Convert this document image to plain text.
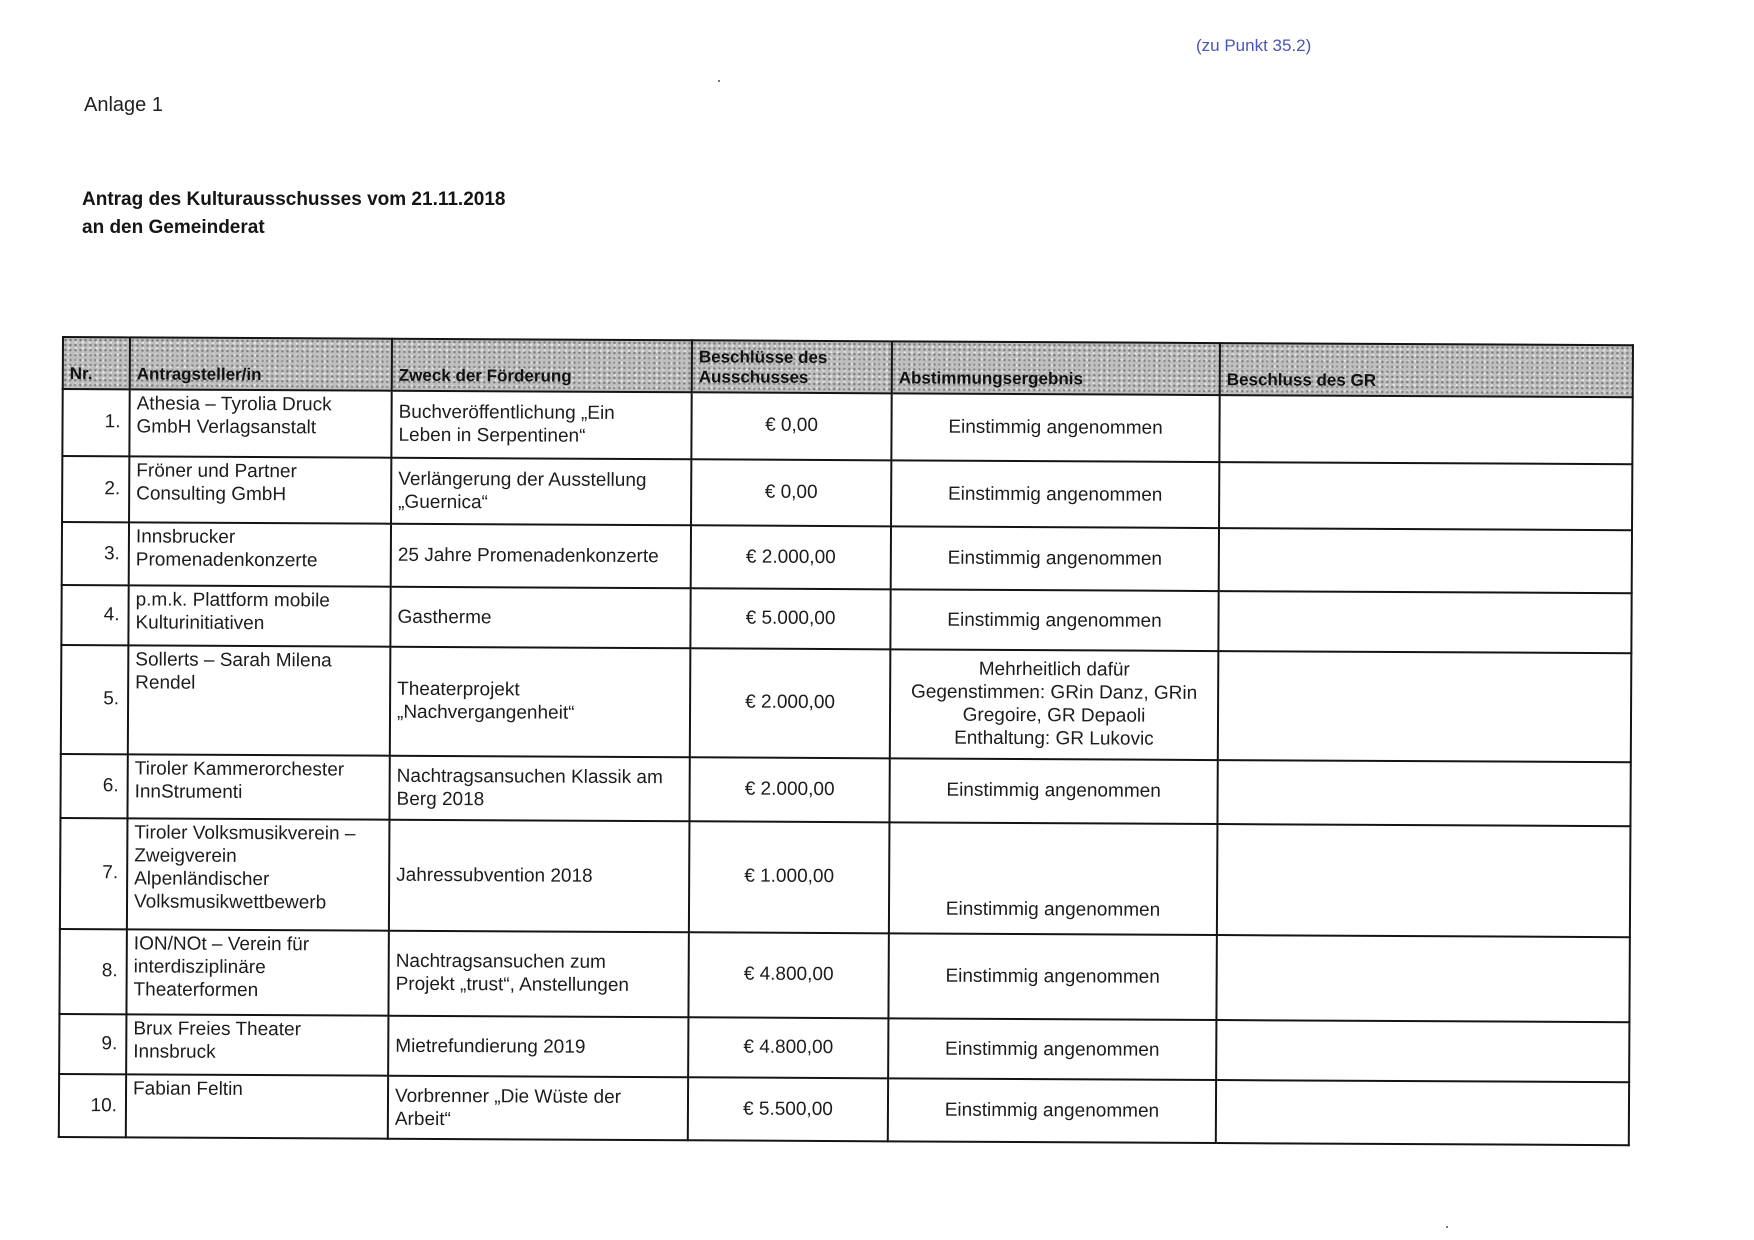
(zu Punkt 35.2)
Anlage 1
Antrag des Kulturausschusses vom 21.11.2018
an den Gemeinderat
Nr.	Antragsteller/in	Zweck der Förderung	Beschlüsse des Ausschusses	Abstimmungsergebnis	Beschluss des GR
1.	Athesia – Tyrolia Druck
GmbH Verlagsanstalt	Buchveröffentlichung „Ein
Leben in Serpentinen“	€ 0,00	Einstimmig angenommen	

2.	Fröner und Partner
Consulting GmbH	Verlängerung der Ausstellung
„Guernica“	€ 0,00	Einstimmig angenommen	

3.	Innsbrucker
Promenadenkonzerte	25 Jahre Promenadenkonzerte	€ 2.000,00	Einstimmig angenommen	

4.	p.m.k. Plattform mobile
Kulturinitiativen	Gastherme	€ 5.000,00	Einstimmig angenommen	

5.	Sollerts – Sarah Milena
Rendel	Theaterprojekt
„Nachvergangenheit“	€ 2.000,00	Mehrheitlich dafür
Gegenstimmen: GRin Danz, GRin
Gregoire, GR Depaoli
Enthaltung: GR Lukovic	

6.	Tiroler Kammerorchester
InnStrumenti	Nachtragsansuchen Klassik am
Berg 2018	€ 2.000,00	Einstimmig angenommen	

7.	Tiroler Volksmusikverein –
Zweigverein
Alpenländischer
Volksmusikwettbewerb	Jahressubvention 2018	€ 1.000,00	Einstimmig angenommen	

8.	ION/NOt – Verein für
interdisziplinäre
Theaterformen	Nachtragsansuchen zum
Projekt „trust“, Anstellungen	€ 4.800,00	Einstimmig angenommen	

9.	Brux Freies Theater
Innsbruck	Mietrefundierung 2019	€ 4.800,00	Einstimmig angenommen	

10.	Fabian Feltin	Vorbrenner „Die Wüste der
Arbeit“	€ 5.500,00	Einstimmig angenommen	
